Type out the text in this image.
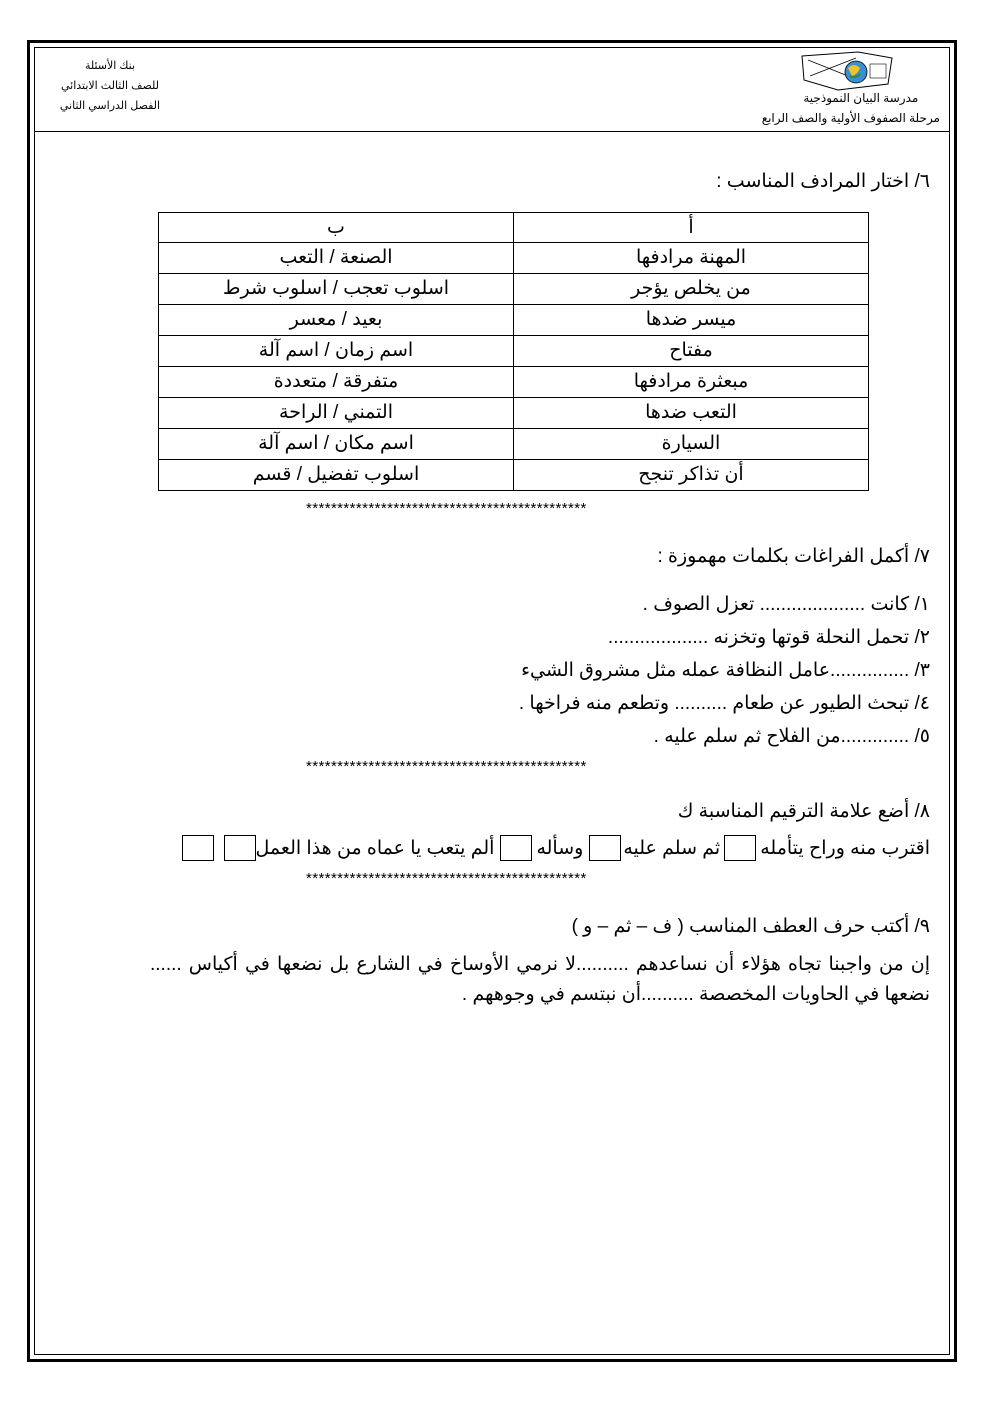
بنك الأسئلة
للصف الثالث الابتدائي
الفصل الدراسي الثاني
مدرسة البيان النموذجية
مرحلة الصفوف الأولية والصف الرابع
٦/ اختار المرادف المناسب :
أ	ب
المهنة مرادفها	الصنعة / التعب
من يخلص يؤجر	اسلوب تعجب / اسلوب شرط
ميسر ضدها	بعيد / معسر
مفتاح	اسم زمان / اسم آلة
مبعثرة مرادفها	متفرقة / متعددة
التعب ضدها	التمني / الراحة
السيارة	اسم مكان / اسم آلة
أن تذاكر تنجح	اسلوب تفضيل / قسم
*********************************************
٧/ أكمل الفراغات بكلمات مهموزة :
١/ كانت .................... تعزل الصوف .
٢/ تحمل النحلة قوتها وتخزنه ...................
٣/ ...............عامل النظافة عمله مثل مشروق الشيء
٤/ تبحث الطيور عن طعام .......... وتطعم منه فراخها .
٥/ .............من الفلاح ثم سلم عليه .
*********************************************
٨/ أضع علامة الترقيم المناسبة ك
اقترب منه وراح يتأمله
ثم سلم عليه
وسأله
ألم يتعب يا عماه من هذا العمل
*********************************************
٩/ أكتب حرف العطف المناسب ( ف – ثم – و )
إن من واجبنا تجاه هؤلاء أن نساعدهم ..........لا نرمي الأوساخ في الشارع بل نضعها في أكياس ...... نضعها في الحاويات المخصصة ..........أن نبتسم في وجوههم .
